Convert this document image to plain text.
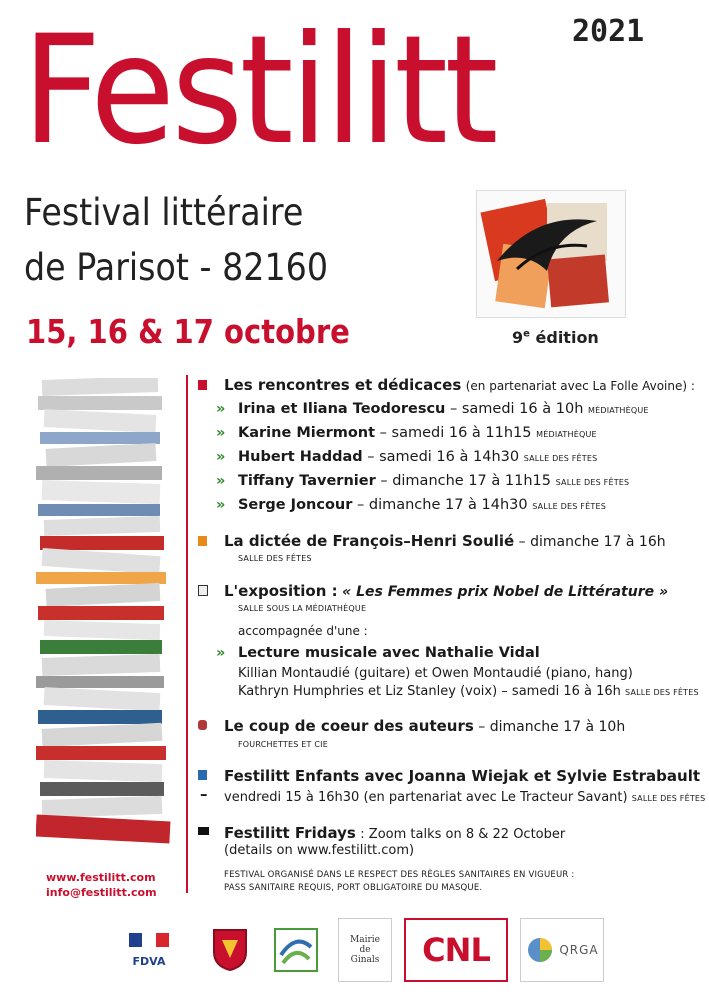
Festilitt	2021
Festival littéraire
de Parisot - 82160
15, 16 & 17 octobre	9e édition
www.festilitt.com
info@festilitt.com
Les rencontres et dédicaces (en partenariat avec La Folle Avoine) :
» Irina et Iliana Teodorescu – samedi 16 à 10h MÉDIATHÈQUE
» Karine Miermont – samedi 16 à 11h15 MÉDIATHÈQUE
» Hubert Haddad – samedi 16 à 14h30 SALLE DES FÊTES
» Tiffany Tavernier – dimanche 17 à 11h15 SALLE DES FÊTES
» Serge Joncour – dimanche 17 à 14h30 SALLE DES FÊTES
La dictée de François–Henri Soulié – dimanche 17 à 16h
SALLE DES FÊTES
L'exposition : « Les Femmes prix Nobel de Littérature »
SALLE SOUS LA MÉDIATHÈQUE
accompagnée d'une :
» Lecture musicale avec Nathalie Vidal
Killian Montaudié (guitare) et Owen Montaudié (piano, hang)
Kathryn Humphries et Liz Stanley (voix) – samedi 16 à 16h SALLE DES FÊTES
Le coup de coeur des auteurs – dimanche 17 à 10h
FOURCHETTES ET CIE
Festilitt Enfants avec Joanna Wiejak et Sylvie Estrabault –	vendredi 15 à 16h30 (en partenariat avec Le Tracteur Savant) SALLE DES FÊTES
Festilitt Fridays : Zoom talks on 8 & 22 October
(details on www.festilitt.com)
FESTIVAL ORGANISÉ DANS LE RESPECT DES RÈGLES SANITAIRES EN VIGUEUR :
PASS SANITAIRE REQUIS, PORT OBLIGATOIRE DU MASQUE.
FDVA
Mairie
de
Ginals CNL	QRGA
